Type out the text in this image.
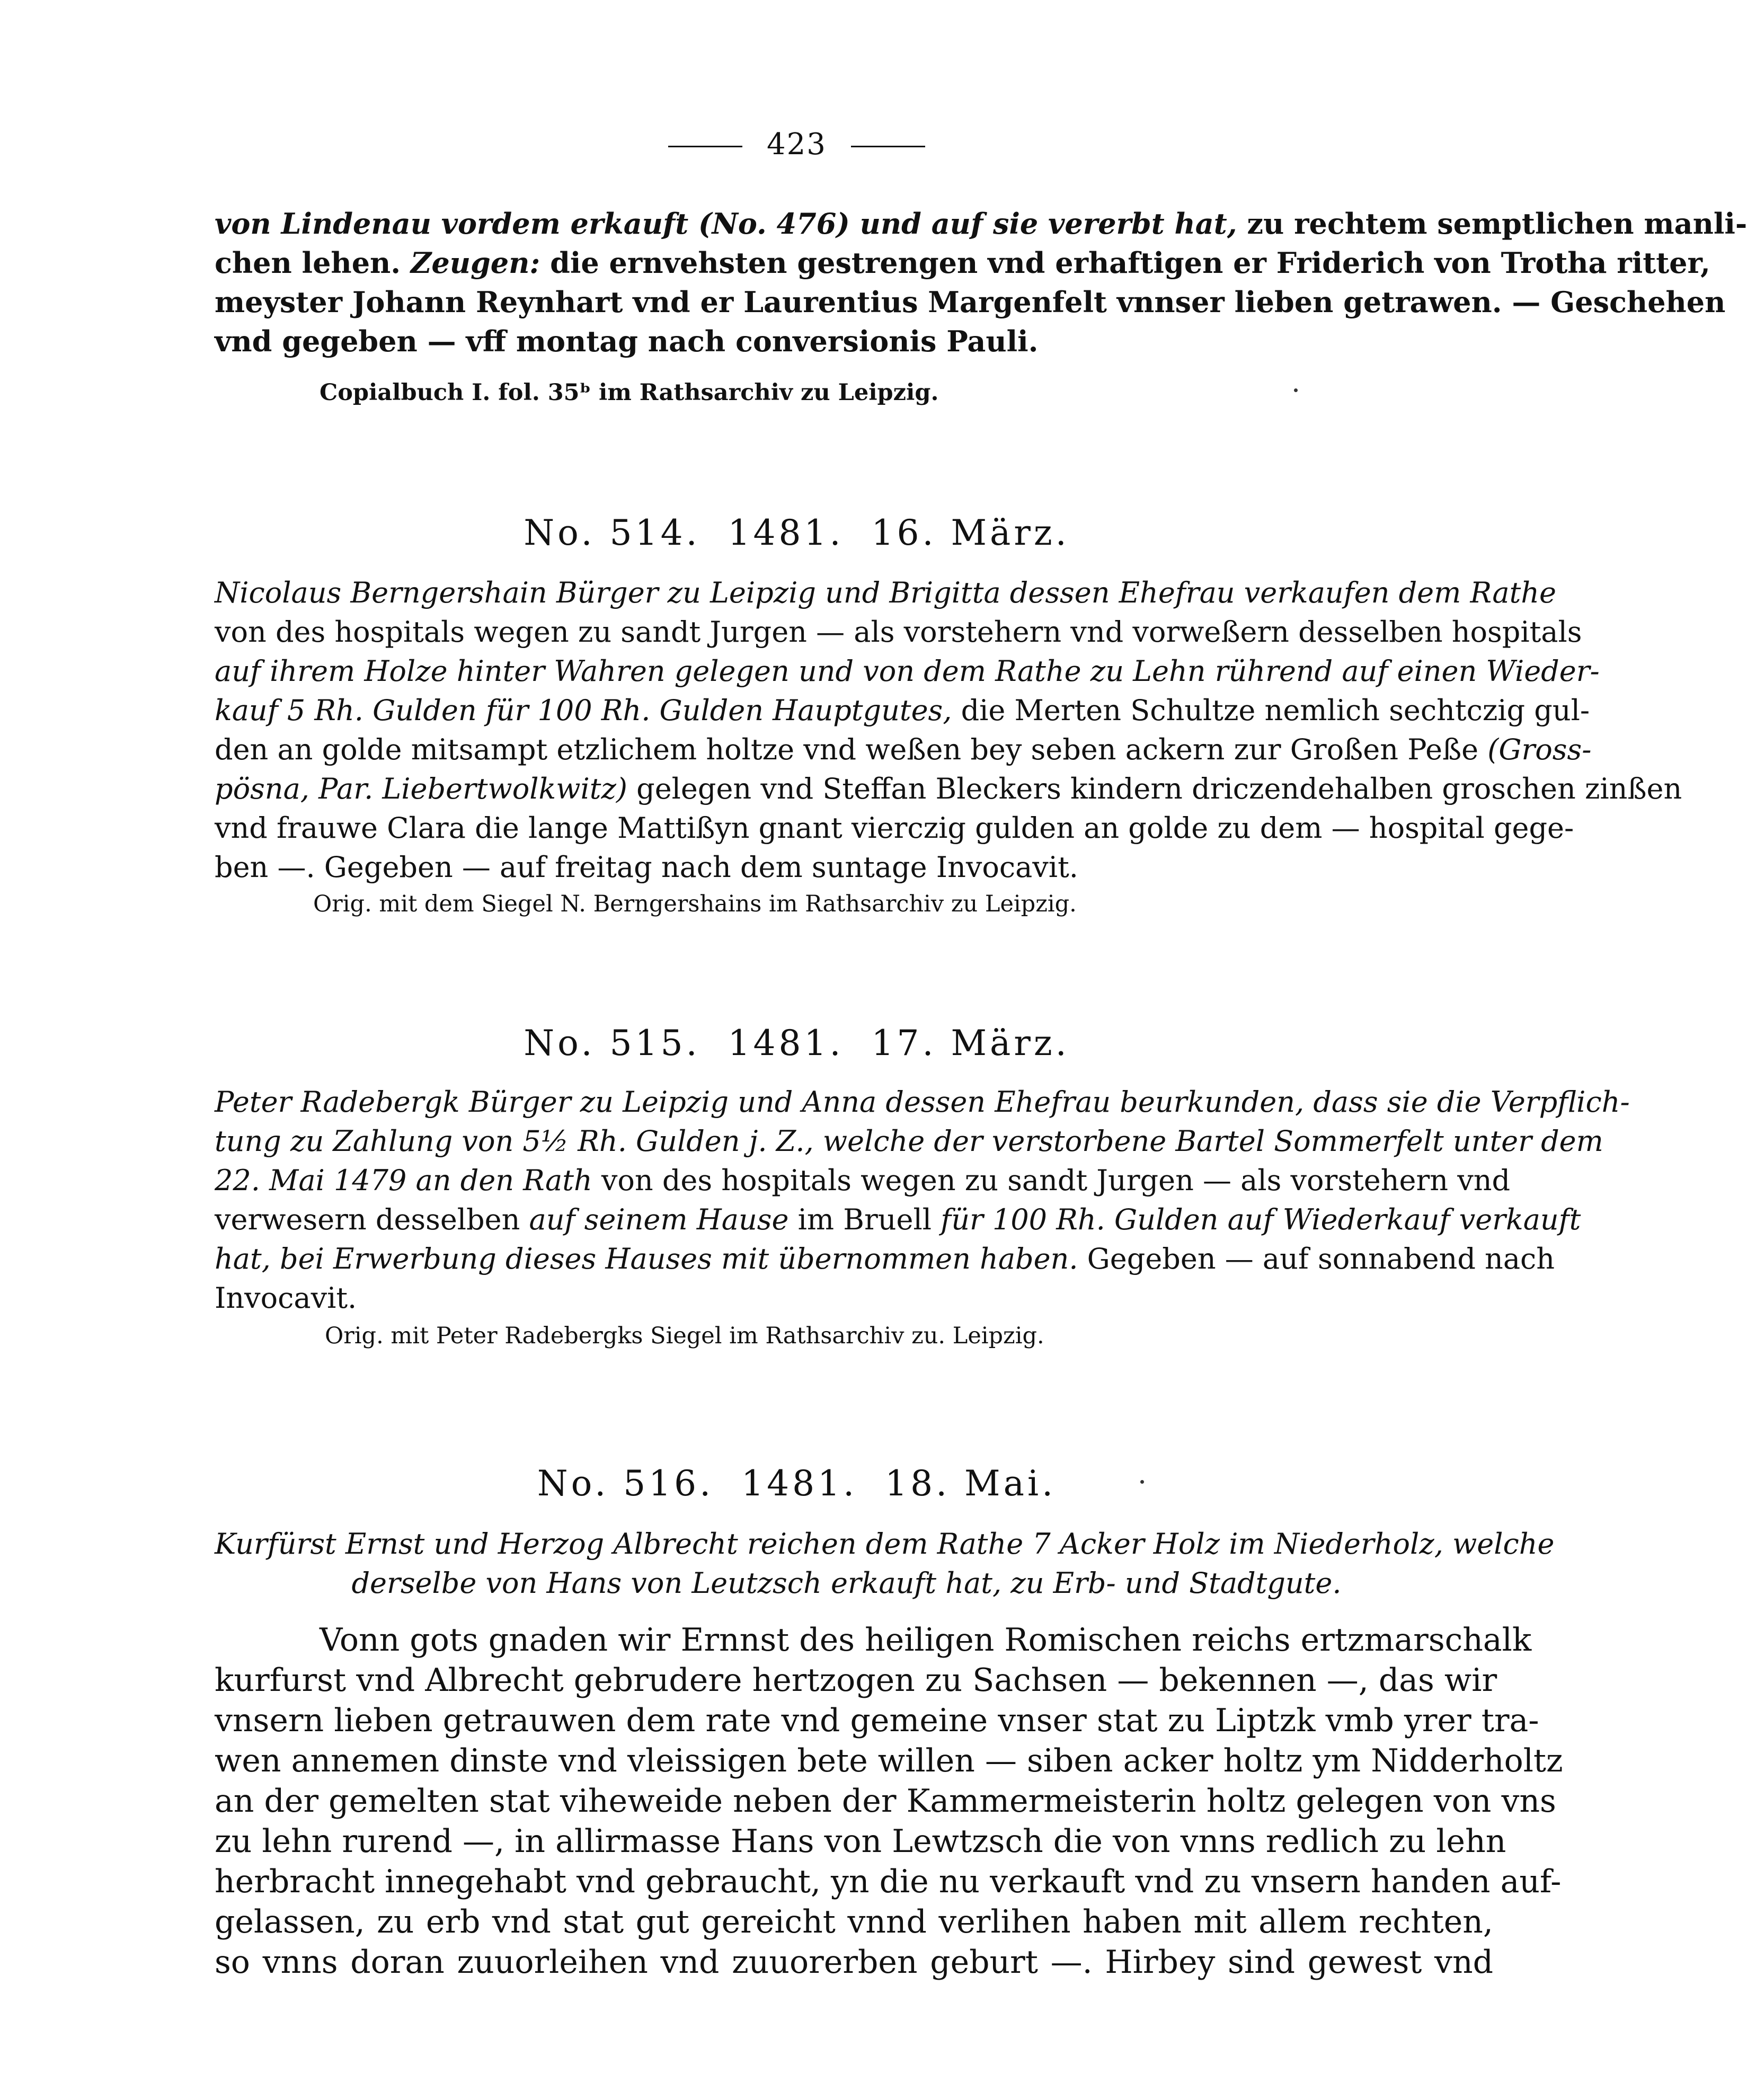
423
von Lindenau vordem erkauft (No. 476) und auf sie vererbt hat, zu rechtem semptlichen manli-
chen lehen. Zeugen: die ernvehsten gestrengen vnd erhaftigen er Friderich von Trotha ritter,
meyster Johann Reynhart vnd er Laurentius Margenfelt vnnser lieben getrawen. — Geschehen
vnd gegeben — vff montag nach conversionis Pauli.
Copialbuch I. fol. 35ᵇ im Rathsarchiv zu Leipzig.
No. 514. 1481. 16. März.
Nicolaus Berngershain Bürger zu Leipzig und Brigitta dessen Ehefrau verkaufen dem Rathe
von des hospitals wegen zu sandt Jurgen — als vorstehern vnd vorweßern desselben hospitals
auf ihrem Holze hinter Wahren gelegen und von dem Rathe zu Lehn rührend auf einen Wieder-
kauf 5 Rh. Gulden für 100 Rh. Gulden Hauptgutes, die Merten Schultze nemlich sechtczig gul-
den an golde mitsampt etzlichem holtze vnd weßen bey seben ackern zur Großen Peße (Gross-
pösna, Par. Liebertwolkwitz) gelegen vnd Steffan Bleckers kindern driczendehalben groschen zinßen
vnd frauwe Clara die lange Mattißyn gnant vierczig gulden an golde zu dem — hospital gege-
ben —. Gegeben — auf freitag nach dem suntage Invocavit.
Orig. mit dem Siegel N. Berngershains im Rathsarchiv zu Leipzig.
No. 515. 1481. 17. März.
Peter Radebergk Bürger zu Leipzig und Anna dessen Ehefrau beurkunden, dass sie die Verpflich-
tung zu Zahlung von 5½ Rh. Gulden j. Z., welche der verstorbene Bartel Sommerfelt unter dem
22. Mai 1479 an den Rath von des hospitals wegen zu sandt Jurgen — als vorstehern vnd
verwesern desselben auf seinem Hause im Bruell für 100 Rh. Gulden auf Wiederkauf verkauft
hat, bei Erwerbung dieses Hauses mit übernommen haben. Gegeben — auf sonnabend nach
Invocavit.
Orig. mit Peter Radebergks Siegel im Rathsarchiv zu. Leipzig.
No. 516. 1481. 18. Mai.
Kurfürst Ernst und Herzog Albrecht reichen dem Rathe 7 Acker Holz im Niederholz, welche
derselbe von Hans von Leutzsch erkauft hat, zu Erb- und Stadtgute.
Vonn gots gnaden wir Ernnst des heiligen Romischen reichs ertzmarschalk
kurfurst vnd Albrecht gebrudere hertzogen zu Sachsen — bekennen —, das wir
vnsern lieben getrauwen dem rate vnd gemeine vnser stat zu Liptzk vmb yrer tra-
wen annemen dinste vnd vleissigen bete willen — siben acker holtz ym Nidderholtz
an der gemelten stat viheweide neben der Kammermeisterin holtz gelegen von vns
zu lehn rurend —, in allirmasse Hans von Lewtzsch die von vnns redlich zu lehn
herbracht innegehabt vnd gebraucht, yn die nu verkauft vnd zu vnsern handen auf-
gelassen, zu erb vnd stat gut gereicht vnnd verlihen haben mit allem rechten,
so vnns doran zuuorleihen vnd zuuorerben geburt —. Hirbey sind gewest vnd
